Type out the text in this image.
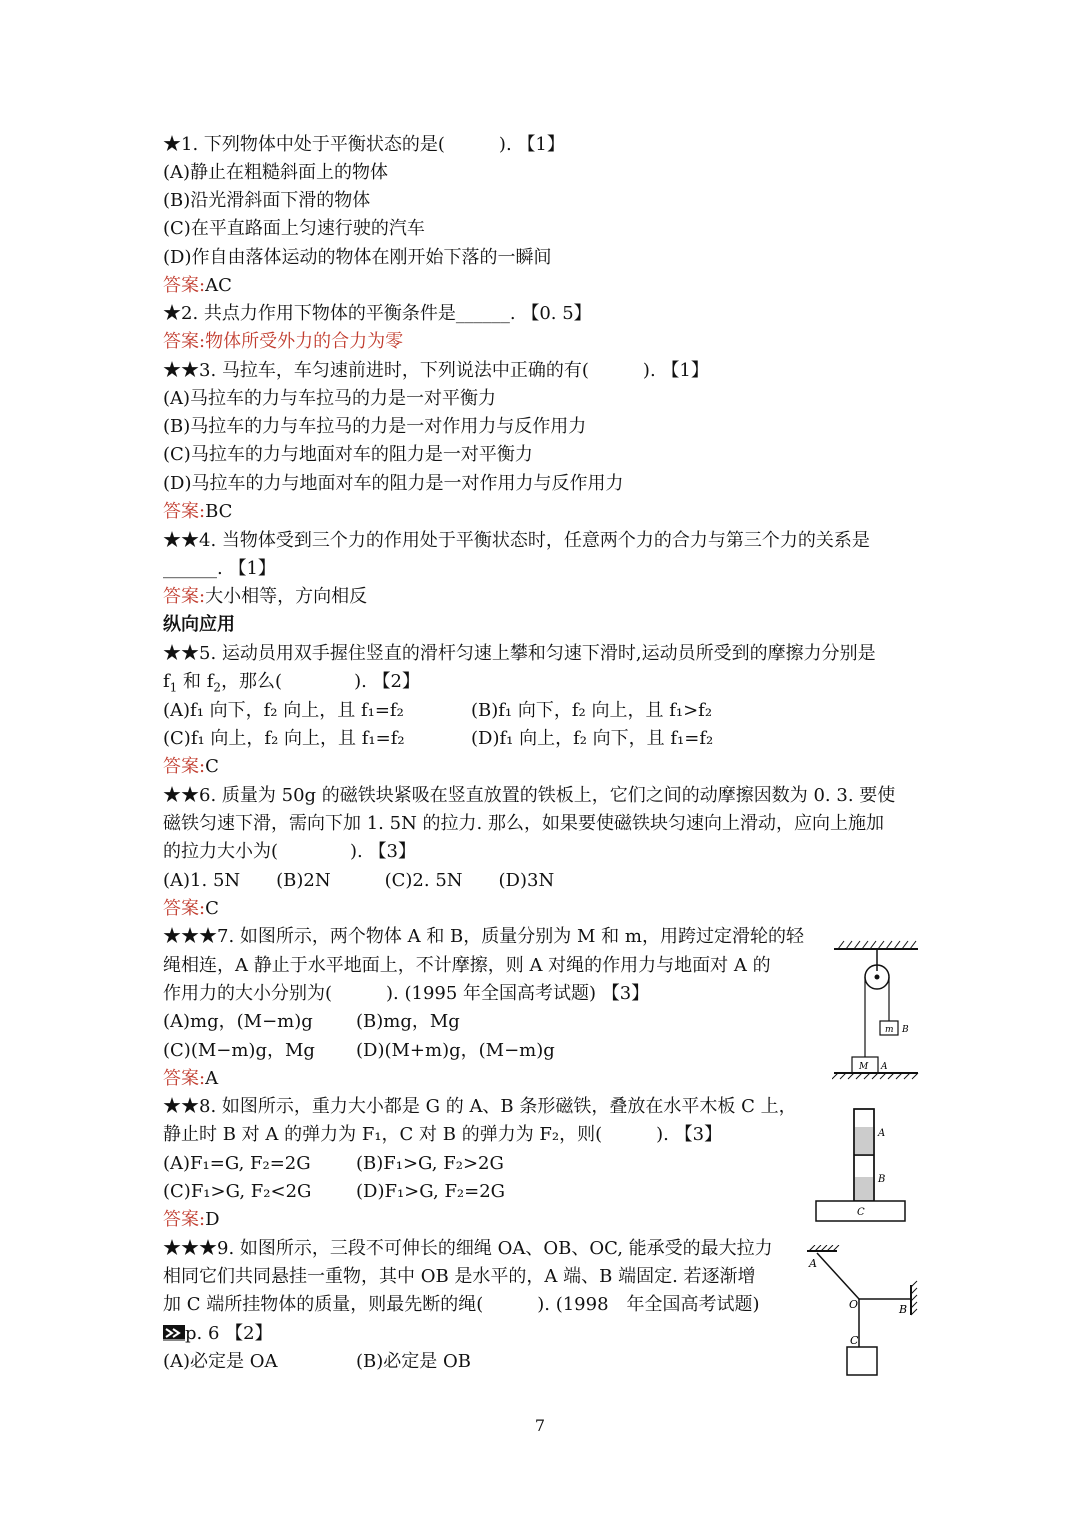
★1. 下列物体中处于平衡状态的是(　　　). 【1】
(A)静止在粗糙斜面上的物体
(B)沿光滑斜面下滑的物体
(C)在平直路面上匀速行驶的汽车
(D)作自由落体运动的物体在刚开始下落的一瞬间
答案:AC
★2. 共点力作用下物体的平衡条件是______. 【0. 5】
答案:物体所受外力的合力为零
★★3. 马拉车，车匀速前进时，下列说法中正确的有(　　　). 【1】
(A)马拉车的力与车拉马的力是一对平衡力
(B)马拉车的力与车拉马的力是一对作用力与反作用力
(C)马拉车的力与地面对车的阻力是一对平衡力
(D)马拉车的力与地面对车的阻力是一对作用力与反作用力
答案:BC
★★4. 当物体受到三个力的作用处于平衡状态时，任意两个力的合力与第三个力的关系是
______. 【1】
答案:大小相等，方向相反
纵向应用
★★5. 运动员用双手握住竖直的滑杆匀速上攀和匀速下滑时,运动员所受到的摩擦力分别是
$f_1$ 和 $f_2$，那么(　　　　). 【2】
(A)f₁ 向下，f₂ 向上，且 f₁=f₂	(B)f₁ 向下，f₂ 向上，且 f₁>f₂
(C)f₁ 向上，f₂ 向上，且 f₁=f₂	(D)f₁ 向上，f₂ 向下，且 f₁=f₂
答案:C
★★6. 质量为 50g 的磁铁块紧吸在竖直放置的铁板上，它们之间的动摩擦因数为 0. 3. 要使
磁铁匀速下滑，需向下加 1. 5N 的拉力. 那么，如果要使磁铁块匀速向上滑动，应向上施加
的拉力大小为(　　　　). 【3】
(A)1. 5N　　(B)2N　　　(C)2. 5N　　(D)3N
答案:C
★★★7. 如图所示，两个物体 A 和 B，质量分别为 M 和 m，用跨过定滑轮的轻
绳相连，A 静止于水平地面上，不计摩擦，则 A 对绳的作用力与地面对 A 的
作用力的大小分别为(　　　). (1995 年全国高考试题) 【3】
(A)mg，(M−m)g (B)mg，Mg
(C)(M−m)g，Mg (D)(M+m)g，(M−m)g
答案:A
m B
M A
★★8. 如图所示，重力大小都是 G 的 A、B 条形磁铁，叠放在水平木板 C 上，
静止时 B 对 A 的弹力为 F₁，C 对 B 的弹力为 F₂，则(　　　). 【3】
(A)F₁=G, F₂=2G	(B)F₁>G, F₂>2G
(C)F₁>G, F₂<2G (D)F₁>G, F₂=2G
答案:D
A
B
C
★★★9. 如图所示，三段不可伸长的细绳 OA、OB、OC, 能承受的最大拉力
相同它们共同悬挂一重物，其中 OB 是水平的，A 端、B 端固定. 若逐渐增
加 C 端所挂物体的质量，则最先断的绳(　　　). (1998　年全国高考试题)
p. 6 【2】
(A)必定是 OA	(B)必定是 OB
A
O	B
C
7
